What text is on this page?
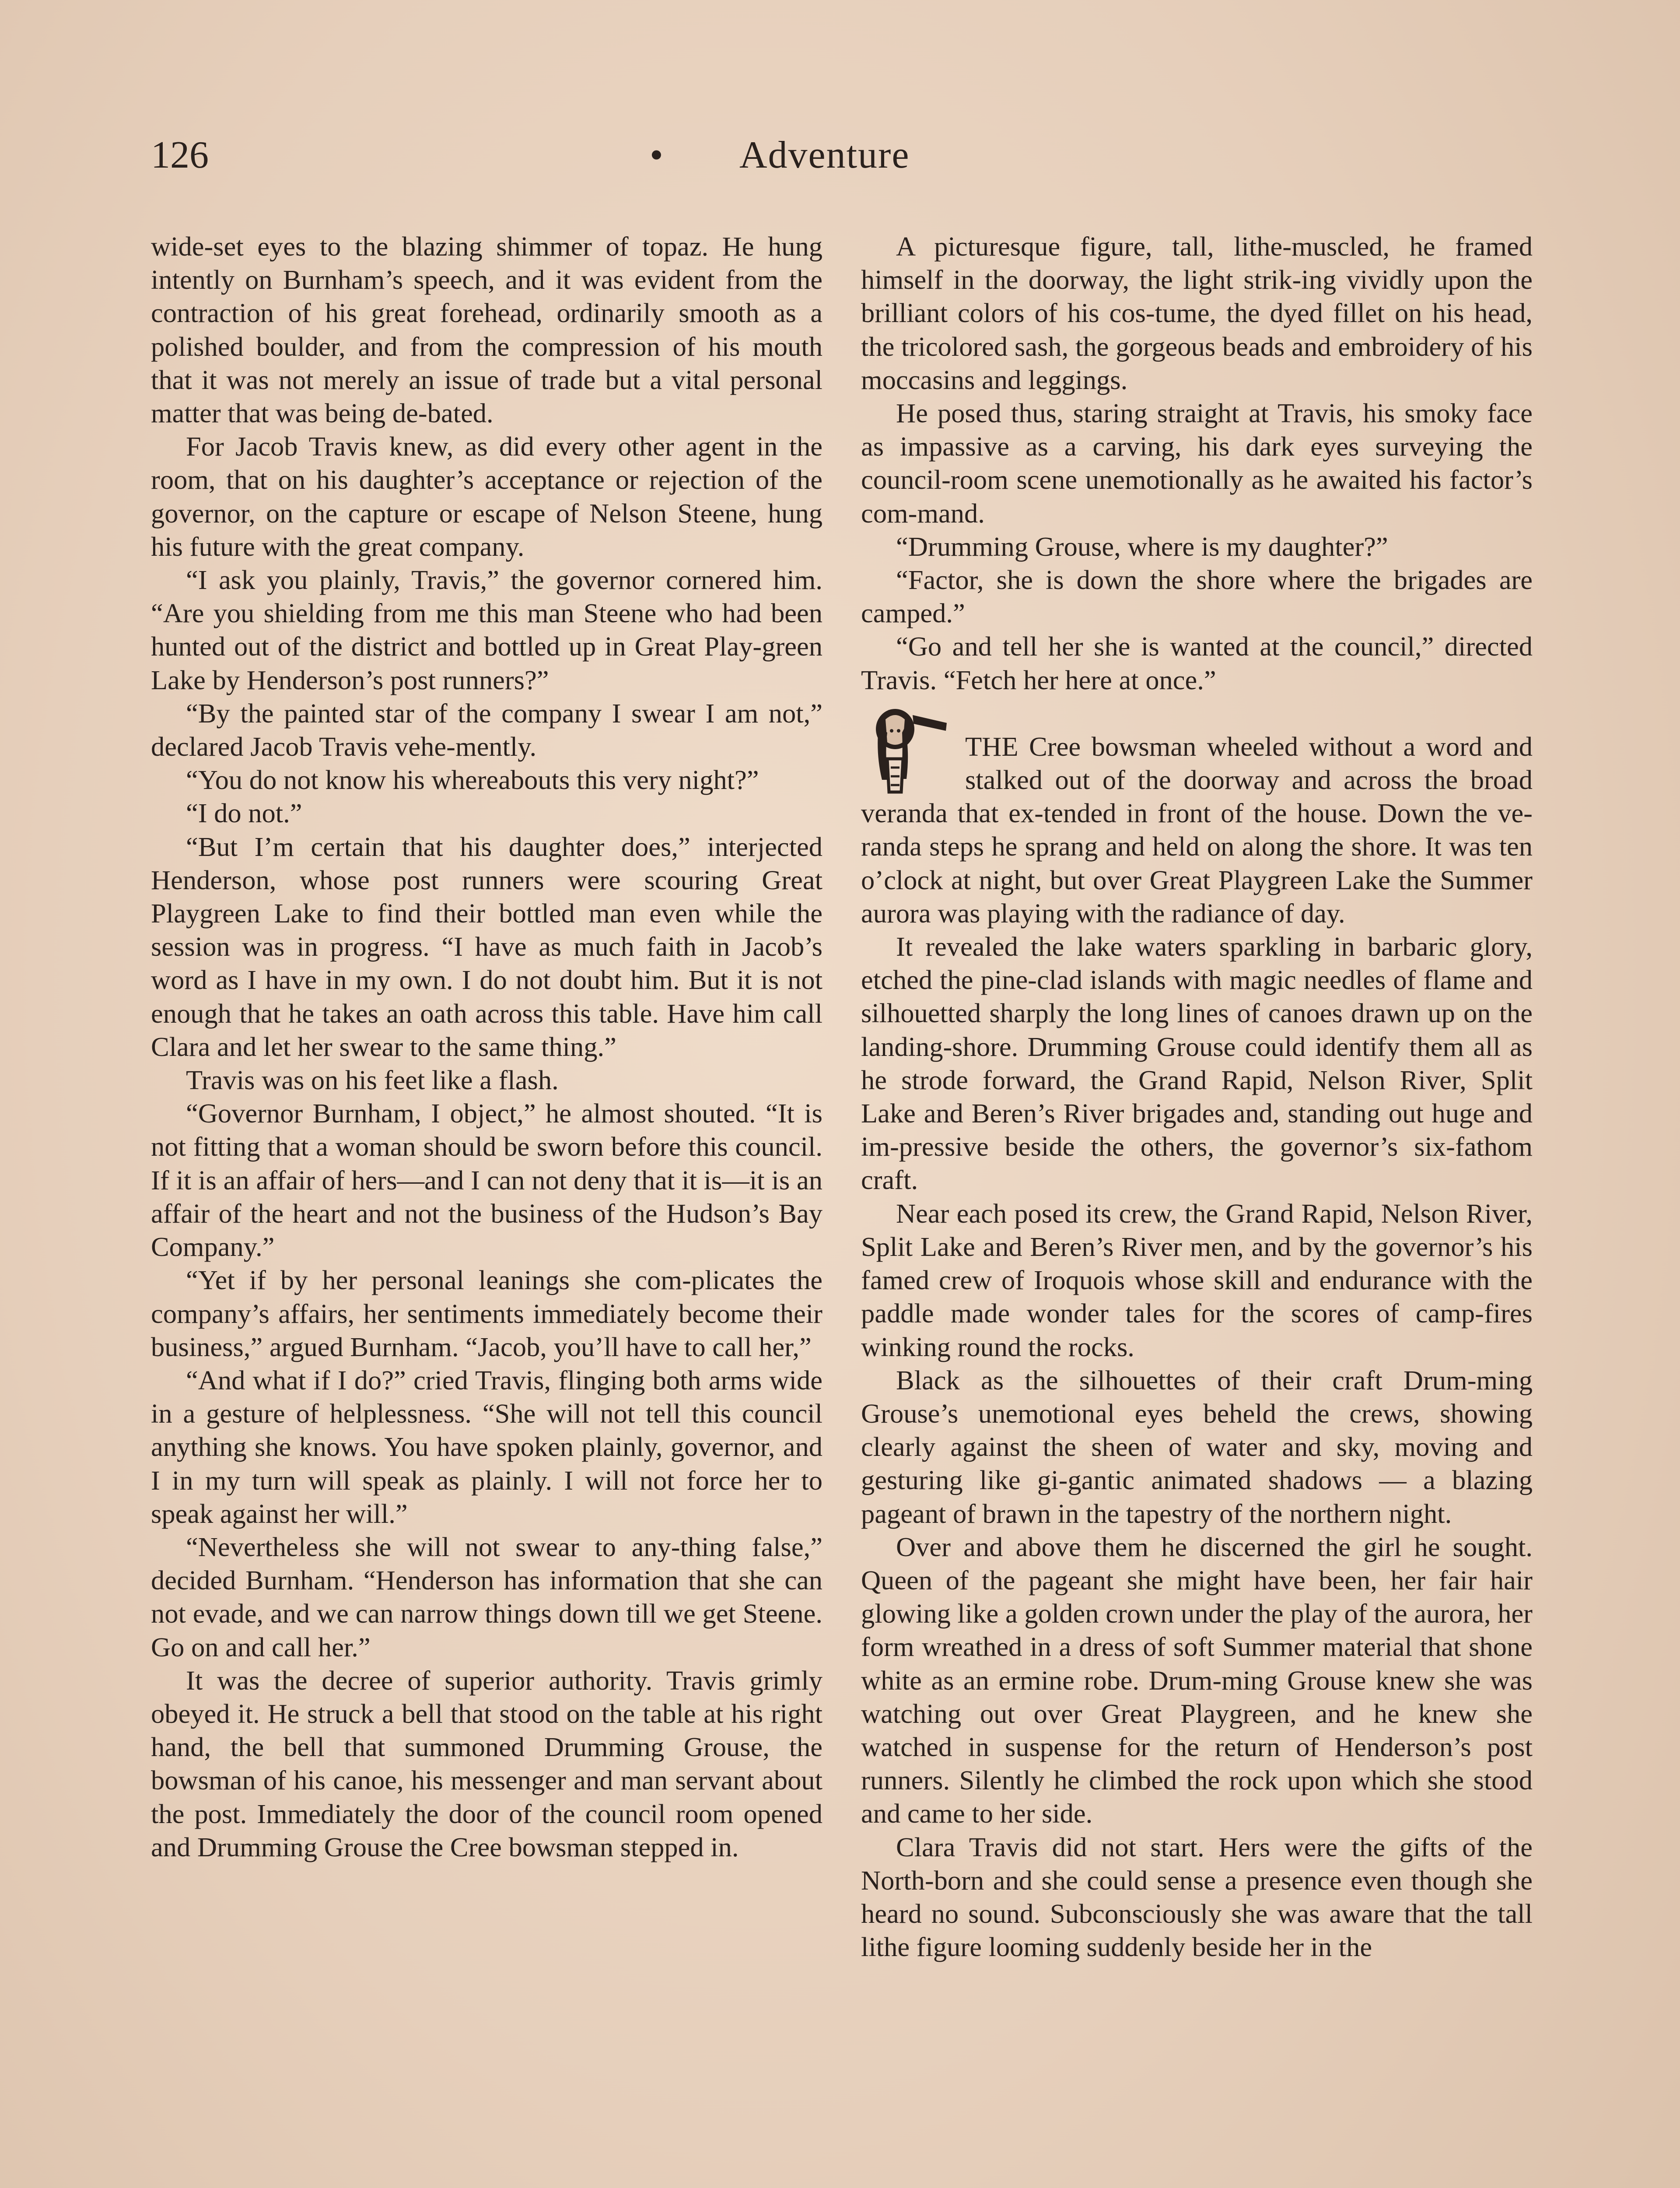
126	• Adventure

wide-set eyes to the blazing shimmer of topaz. He hung intently on Burnham’s speech, and it was evident from the contraction of his great forehead, ordinarily smooth as a polished boulder, and from the compression of his mouth that it was not merely an issue of trade but a vital personal matter that was being de-bated.

For Jacob Travis knew, as did every other agent in the room, that on his daughter’s acceptance or rejection of the governor, on the capture or escape of Nelson Steene, hung his future with the great company.

“I ask you plainly, Travis,” the governor cornered him. “Are you shielding from me this man Steene who had been hunted out of the district and bottled up in Great Play-green Lake by Henderson’s post runners?”

“By the painted star of the company I swear I am not,” declared Jacob Travis vehe-mently.

“You do not know his whereabouts this very night?”

“I do not.”

“But I’m certain that his daughter does,” interjected Henderson, whose post runners were scouring Great Playgreen Lake to find their bottled man even while the session was in progress. “I have as much faith in Jacob’s word as I have in my own. I do not doubt him. But it is not enough that he takes an oath across this table. Have him call Clara and let her swear to the same thing.”

Travis was on his feet like a flash.

“Governor Burnham, I object,” he almost shouted. “It is not fitting that a woman should be sworn before this council. If it is an affair of hers—and I can not deny that it is—it is an affair of the heart and not the business of the Hudson’s Bay Company.”

“Yet if by her personal leanings she com-plicates the company’s affairs, her sentiments immediately become their business,” argued Burnham. “Jacob, you’ll have to call her,”

“And what if I do?” cried Travis, flinging both arms wide in a gesture of helplessness. “She will not tell this council anything she knows. You have spoken plainly, governor, and I in my turn will speak as plainly. I will not force her to speak against her will.”

“Nevertheless she will not swear to any-thing false,” decided Burnham. “Henderson has information that she can not evade, and we can narrow things down till we get Steene. Go on and call her.”

It was the decree of superior authority. Travis grimly obeyed it. He struck a bell that stood on the table at his right hand, the bell that summoned Drumming Grouse, the bowsman of his canoe, his messenger and man servant about the post. Immediately the door of the council room opened and Drumming Grouse the Cree bowsman stepped in.

A picturesque figure, tall, lithe-muscled, he framed himself in the doorway, the light strik-ing vividly upon the brilliant colors of his cos-tume, the dyed fillet on his head, the tricolored sash, the gorgeous beads and embroidery of his moccasins and leggings.

He posed thus, staring straight at Travis, his smoky face as impassive as a carving, his dark eyes surveying the council-room scene unemotionally as he awaited his factor’s com-mand.

“Drumming Grouse, where is my daughter?”

“Factor, she is down the shore where the brigades are camped.”

“Go and tell her she is wanted at the council,” directed Travis. “Fetch her here at once.”

THE Cree bowsman wheeled without a word and stalked out of the doorway and across the broad veranda that ex-tended in front of the house. Down the ve-randa steps he sprang and held on along the shore. It was ten o’clock at night, but over Great Playgreen Lake the Summer aurora was playing with the radiance of day.

It revealed the lake waters sparkling in barbaric glory, etched the pine-clad islands with magic needles of flame and silhouetted sharply the long lines of canoes drawn up on the landing-shore. Drumming Grouse could identify them all as he strode forward, the Grand Rapid, Nelson River, Split Lake and Beren’s River brigades and, standing out huge and im-pressive beside the others, the governor’s six-fathom craft.

Near each posed its crew, the Grand Rapid, Nelson River, Split Lake and Beren’s River men, and by the governor’s his famed crew of Iroquois whose skill and endurance with the paddle made wonder tales for the scores of camp-fires winking round the rocks.

Black as the silhouettes of their craft Drum-ming Grouse’s unemotional eyes beheld the crews, showing clearly against the sheen of water and sky, moving and gesturing like gi-gantic animated shadows — a blazing pageant of brawn in the tapestry of the northern night.

Over and above them he discerned the girl he sought. Queen of the pageant she might have been, her fair hair glowing like a golden crown under the play of the aurora, her form wreathed in a dress of soft Summer material that shone white as an ermine robe. Drum-ming Grouse knew she was watching out over Great Playgreen, and he knew she watched in suspense for the return of Henderson’s post runners. Silently he climbed the rock upon which she stood and came to her side.

Clara Travis did not start. Hers were the gifts of the North-born and she could sense a presence even though she heard no sound. Subconsciously she was aware that the tall lithe figure looming suddenly beside her in the
